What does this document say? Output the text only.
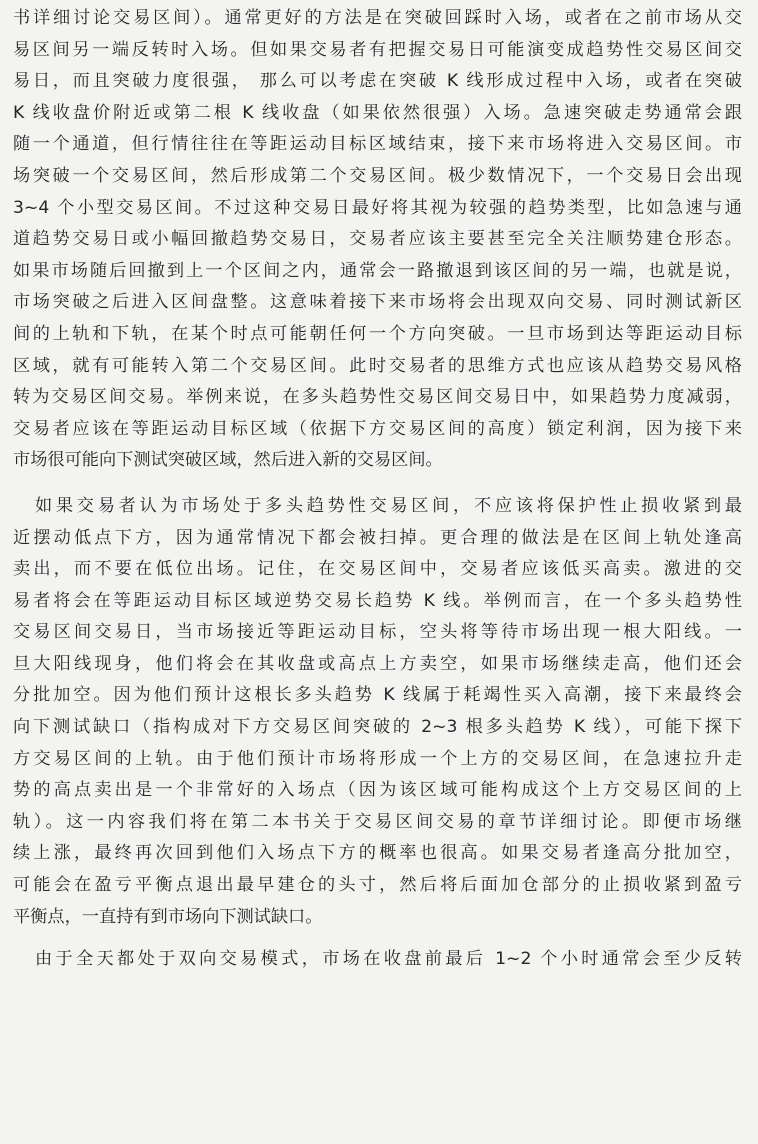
书详细讨论交易区间）。通常更好的方法是在突破回踩时入场，或者在之前市场从交
易区间另一端反转时入场。但如果交易者有把握交易日可能演变成趋势性交易区间交
易日，而且突破力度很强， 那么可以考虑在突破 K 线形成过程中入场，或者在突破
K 线收盘价附近或第二根 K 线收盘（如果依然很强）入场。急速突破走势通常会跟
随一个通道，但行情往往在等距运动目标区域结束，接下来市场将进入交易区间。市
场突破一个交易区间，然后形成第二个交易区间。极少数情况下，一个交易日会出现
3~4 个小型交易区间。不过这种交易日最好将其视为较强的趋势类型，比如急速与通
道趋势交易日或小幅回撤趋势交易日，交易者应该主要甚至完全关注顺势建仓形态。
如果市场随后回撤到上一个区间之内，通常会一路撤退到该区间的另一端，也就是说，
市场突破之后进入区间盘整。这意味着接下来市场将会出现双向交易、同时测试新区
间的上轨和下轨，在某个时点可能朝任何一个方向突破。一旦市场到达等距运动目标
区域，就有可能转入第二个交易区间。此时交易者的思维方式也应该从趋势交易风格
转为交易区间交易。举例来说，在多头趋势性交易区间交易日中，如果趋势力度减弱，
交易者应该在等距运动目标区域（依据下方交易区间的高度）锁定利润，因为接下来
市场很可能向下测试突破区域，然后进入新的交易区间。
如果交易者认为市场处于多头趋势性交易区间，不应该将保护性止损收紧到最
近摆动低点下方，因为通常情况下都会被扫掉。更合理的做法是在区间上轨处逢高
卖出，而不要在低位出场。记住，在交易区间中，交易者应该低买高卖。激进的交
易者将会在等距运动目标区域逆势交易长趋势 K 线。举例而言，在一个多头趋势性
交易区间交易日，当市场接近等距运动目标，空头将等待市场出现一根大阳线。一
旦大阳线现身，他们将会在其收盘或高点上方卖空，如果市场继续走高，他们还会
分批加空。因为他们预计这根长多头趋势 K 线属于耗竭性买入高潮，接下来最终会
向下测试缺口（指构成对下方交易区间突破的 2~3 根多头趋势 K 线），可能下探下
方交易区间的上轨。由于他们预计市场将形成一个上方的交易区间，在急速拉升走
势的高点卖出是一个非常好的入场点（因为该区域可能构成这个上方交易区间的上
轨）。这一内容我们将在第二本书关于交易区间交易的章节详细讨论。即便市场继
续上涨，最终再次回到他们入场点下方的概率也很高。如果交易者逢高分批加空，
可能会在盈亏平衡点退出最早建仓的头寸，然后将后面加仓部分的止损收紧到盈亏
平衡点，一直持有到市场向下测试缺口。
由于全天都处于双向交易模式，市场在收盘前最后 1~2 个小时通常会至少反转
